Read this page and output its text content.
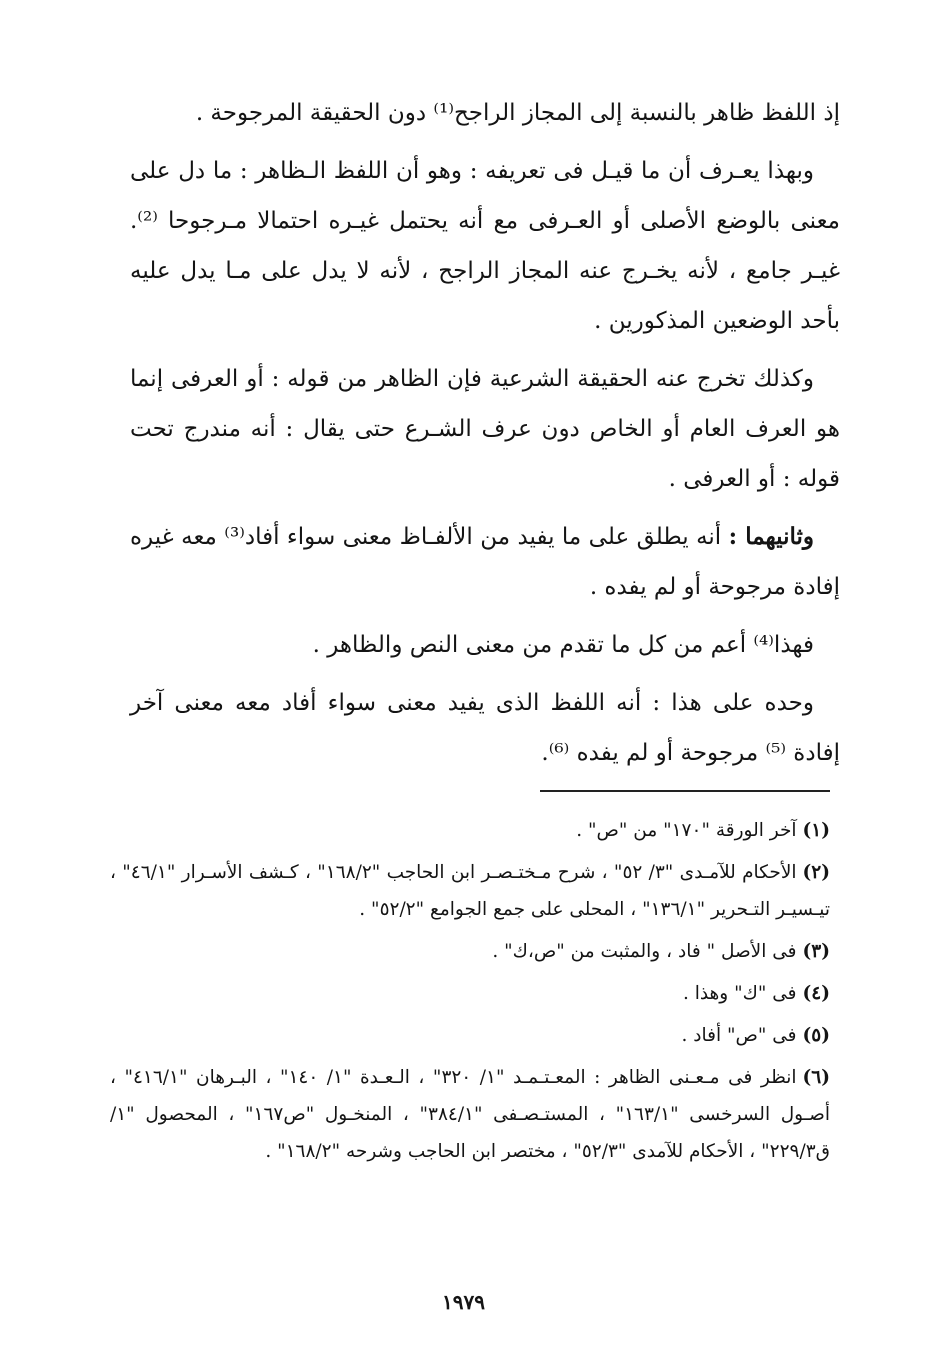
إذ اللفظ ظاهر بالنسبة إلى المجاز الراجح⁽¹⁾ دون الحقيقة المرجوحة .

وبهذا يعـرف أن ما قيـل فى تعريفه : وهو أن اللفظ الـظاهر : ما دل على معنى بالوضع الأصلى أو العـرفى مع أنه يحتمل غيـره احتمالا مـرجوحا ⁽²⁾. غيـر جامع ، لأنه يخـرج عنه المجاز الراجح ، لأنه لا يدل على مـا يدل عليه بأحد الوضعين المذكورين .

وكذلك تخرج عنه الحقيقة الشرعية فإن الظاهر من قوله : أو العرفى إنما هو العرف العام أو الخاص دون عرف الشـرع حتى يقال : أنه مندرج تحت قوله : أو العرفى .

وثانيهما : أنه يطلق على ما يفيد من الألفـاظ معنى سواء أفاد⁽³⁾ معه غيره إفادة مرجوحة أو لم يفده .

فهذا⁽⁴⁾ أعم من كل ما تقدم من معنى النص والظاهر .

وحده على هذا : أنه اللفظ الذى يفيد معنى سواء أفاد معه معنى آخر إفادة ⁽⁵⁾ مرجوحة أو لم يفده ⁽⁶⁾.

(١)آخر الورقة "١٧٠" من "ص" .
(٢)الأحكام للآمـدى "٣/ ٥٢" ، شرح مـختـصـر ابن الحاجب "١٦٨/٢" ، كـشف الأسـرار "٤٦/١" ، تيـسيـر التـحرير "١٣٦/١" ، المحلى على جمع الجوامع "٥٢/٢" .
(٣)فى الأصل " فاد ، والمثبت من "ص،ك" .
(٤)فى "ك" وهذا .
(٥)فى "ص" أفاد .
(٦)انظر فى مـعـنى الظاهر : المعـتـمـد "١/ ٣٢٠" ، الـعـدة "١/ ١٤٠" ، البـرهان "٤١٦/١" ، أصـول السرخسى "١٦٣/١" ، المستـصـفى "٣٨٤/١" ، المنخـول "ص١٦٧" ، المحصول "١/ق٢٢٩/٣" ، الأحكام للآمدى "٥٢/٣" ، مختصر ابن الحاجب وشرحه "١٦٨/٢" .
١٩٧٩
